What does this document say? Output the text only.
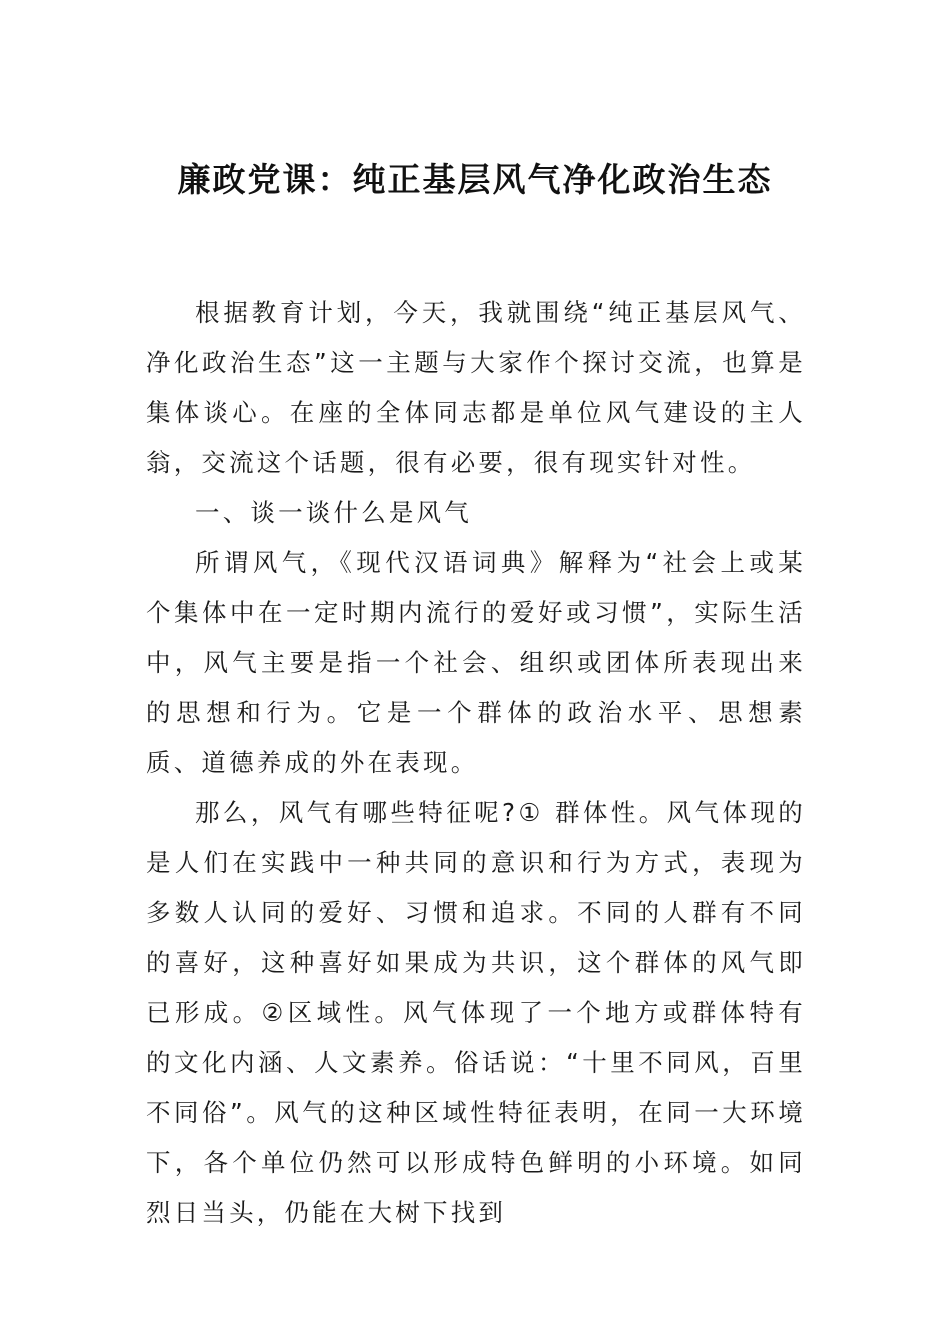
廉政党课：纯正基层风气净化政治生态

根据教育计划，今天，我就围绕“纯正基层风气、净化政治生态”这一主题与大家作个探讨交流，也算是集体谈心。在座的全体同志都是单位风气建设的主人翁，交流这个话题，很有必要，很有现实针对性。

一、谈一谈什么是风气

所谓风气，《现代汉语词典》解释为“社会上或某个集体中在一定时期内流行的爱好或习惯”，实际生活中，风气主要是指一个社会、组织或团体所表现出来的思想和行为。它是一个群体的政治水平、思想素质、道德养成的外在表现。

那么，风气有哪些特征呢?① 群体性。风气体现的是人们在实践中一种共同的意识和行为方式，表现为多数人认同的爱好、习惯和追求。不同的人群有不同的喜好，这种喜好如果成为共识，这个群体的风气即已形成。②区域性。风气体现了一个地方或群体特有的文化内涵、人文素养。俗话说：“十里不同风，百里不同俗”。风气的这种区域性特征表明，在同一大环境下，各个单位仍然可以形成特色鲜明的小环境。如同烈日当头，仍能在大树下找到
